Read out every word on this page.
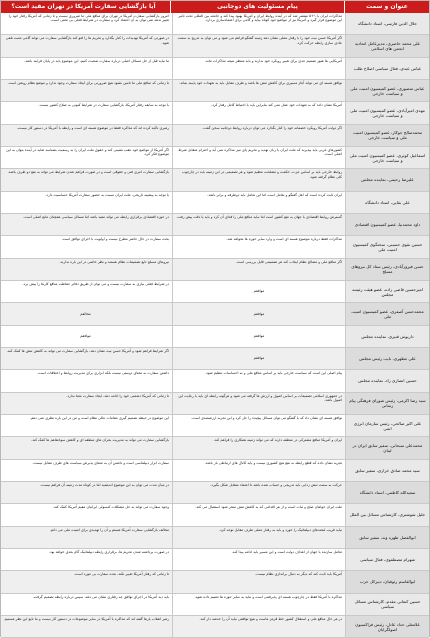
عنوان و سمت
پیام مسئولیت های دوجانبی
آیا بازگشایی سفارت آمریکا در تهران مفید است؟
جلال الدین فارسی، استاد دانشگاه
مذاکرات ایران با ۱+۵ منتشر شد که در آینده روابط ایران و آمریکا بهبود پیدا کند و جامعه بین المللی تحت تاثیر این موضوع قرار گیرد و آمریکا نیز از مواضع خود کوتاه بیاید و گامی برای اعتمادسازی بردارد.
امروز بازگشایی سفارت آمریکا در تهران برای منافع ملی ما ضروری نیست و تا زمانی که آمریکا رفتار خود را تغییر ندهد نمی توان به آن اعتماد کرد و سفارت در شرایط فعلی بی معنی است.
علی محمد حاضری، مدیرعامل اتحادیه انجمن های اسلامی
اگر آمریکا حسن نیت خود را با رفتار عملی نشان دهد زمینه گفتگو فراهم می شود و می توان به تدریج به سمت عادی سازی رابطه حرکت کرد.
در صورتی که آمریکا تهدیدات را کنار بگذارد و تحریم ها را لغو کند بازگشایی سفارت می تواند گامی مثبت تلقی شود.
عباس عبدی، فعال سیاسی اصلاح طلب
آمریکایی ها هنوز تصمیم جدی برای تغییر رویکرد خود ندارند و باید منتظر نتیجه مذاکرات ماند.
ما نباید قبل از حل مسائل اصلی درباره سفارت صحبت کنیم، این موضوع باید در پایان فرایند باشد.
عباس منصوری، عضو کمیسیون امنیت ملی و سیاست خارجی
توافق هسته ای می تواند آغاز مسیری برای کاهش تنش ها باشد و طرف مقابل باید به تعهدات خود پایبند بماند.
تا زمانی که منافع ملی ما تامین نشود هیچ ضرورتی برای ایجاد سفارت وجود ندارد و موضع نظام روشن است.
مهدی امیرآبادی، عضو کمیسیون امنیت ملی و سیاست خارجی
آمریکا نشان داده که به تعهدات خود عمل نمی کند بنابراین باید با احتیاط کامل رفتار کرد.
با توجه به سابقه رفتار آمریکا، بازگشایی سفارت در شرایط کنونی به صلاح کشور نیست.
محمدصالح جوکار، عضو کمیسیون امنیت ملی و سیاست خارجی
اگر دولت آمریکا رویکرد خصمانه خود را کنار بگذارد می توان درباره روابط دوجانبه سخن گفت.
رهبری تاکید کرده اند که مذاکره فقط در موضوع هسته ای است و رابطه با آمریکا در دستور کار نیست.
اسماعیل کوثری، عضو کمیسیون امنیت ملی و سیاست خارجی
کشورهای غربی باید بپذیرند که ملت ایران با زبان تهدید و تحریم پای میز مذاکره نمی آید و احترام متقابل شرط اصلی است.
اگر آمریکا از مواضع خود عقب نشینی کند و حقوق ملت ایران را به رسمیت بشناسد شاید در آینده بتوان به این موضوع فکر کرد.
علیرضا رحیمی، نماینده مجلس
روابط خارجی باید بر اساس عزت، حکمت و مصلحت تنظیم شود و هر تصمیمی در این زمینه باید در چارچوب کلی نظام گرفته شود.
بازگشایی سفارت امری فنی و حقوقی است و در صورت فراهم شدن شرایط می تواند به نفع دو طرف باشد.
علی بقایی، استاد دانشگاه
ایران ثابت کرده است که اهل گفتگو و تعامل است اما این تعامل باید دوطرفه و برابر باشد.
با توجه به پیشینه تاریخی، ملت ایران نسبت به حضور سفارت آمریکا حساسیت دارد.
داود محمدنیا، عضو کمیسیون اقتصادی
گسترش روابط اقتصادی با جهان به نفع کشور است اما نباید منافع ملی را فدای آن کرد و باید با دقت پیش رفت.
در حوزه اقتصادی برقراری رابطه می تواند مفید باشد اما مسائل سیاسی همچنان مانع اصلی است.
حسین نقوی حسینی، سخنگوی کمیسیون امنیت ملی
مذاکرات فقط درباره موضوع هسته ای است و وارد سایر حوزه ها نخواهد شد.
بحث سفارت در حال حاضر مطرح نیست و اولویت با اجرای توافق است.
حسن فیروزآبادی، رئیس ستاد کل نیروهای مسلح
اگر منافع ملی و مصالح نظام ایجاب کند هر تصمیمی قابل بررسی است.
نیروهای مسلح تابع تصمیمات نظام هستند و نظر خاصی در این باره ندارند.
امیرحسین قاضی زاده، عضو هیئت رئیسه مجلس
موافقم
در شرایط فعلی نیازی به سفارت نیست و می توان از طریق دفاتر حفاظت منافع کارها را پیش برد.
محمدحسن آصفری، عضو کمیسیون امنیت ملی
موافقم
مخالفم
داریوش قنبری، نماینده مجلس
موافقم
موافقم
علی مطهری، نایب رئیس مجلس
موافقم
اگر شرایط فراهم شود و آمریکا حسن نیت نشان دهد، بازگشایی سفارت می تواند به کاهش تنش ها کمک کند.
حسین انصاری راد، نماینده مجلس
پیام اصلی این است که سیاست خارجی باید بر اساس منافع ملی و نه احساسات تنظیم شود.
داشتن سفارت به معنای دوستی نیست بلکه ابزاری برای مدیریت روابط و اختلافات است.
سید رضا اکرمی، رئیس شورای فرهنگی پیام رسانی
در جمهوری اسلامی تصمیمات بر اساس اصول و ارزش ها گرفته می شود و هرگونه رابطه ای باید با رعایت این اصول باشد.
تا زمانی که آمریکا دشمنی خود را ادامه دهد، ایجاد سفارت معنا ندارد.
علی اکبر صالحی، رئیس سازمان انرژی اتمی
توافق هسته ای نشان داد که با گفتگو می توان مسائل پیچیده را حل کرد و این تجربه ارزشمندی است.
این موضوع در حیطه تصمیم گیری مقامات عالی نظام است و من در این باره نظری نمی دهم.
محمدعلی سبحانی، سفیر سابق ایران در لبنان
ایران و آمریکا منافع مشترکی در منطقه دارند که می تواند زمینه همکاری را فراهم کند.
بازگشایی سفارت می تواند به مدیریت بحران های منطقه ای و کاهش سوءتفاهم ها کمک کند.
سید محمد صادق خرازی، سفیر سابق
تجربه نشان داده که قطع رابطه به نفع هیچ کشوری نیست و باید کانال های ارتباطی باز باشد.
سفارت ابزار دیپلماسی است و داشتن آن به معنای پذیرش سیاست های طرف مقابل نیست.
سعیدالله کاظمی، استاد دانشگاه
حرکت به سمت تنش زدایی باید تدریجی و حساب شده باشد تا اعتماد متقابل شکل بگیرد.
در میان مدت می توان به این موضوع اندیشید اما در کوتاه مدت زمینه آن فراهم نیست.
جلیل شوشتری، کارشناس مسائل بین الملل
ملت ایران خواهان صلح و ثبات است و از هر اقدامی که به کاهش تنش منجر شود استقبال می کند.
وجود سفارت می تواند به حل مشکلات کنسولی ایرانیان مقیم آمریکا کمک کند.
ابوالفضل ظهره وند، سفیر سابق
نباید فریب لبخندهای دیپلماتیک را خورد و باید به رفتار عملی طرف مقابل توجه کرد.
مخالف بازگشایی سفارت آمریکا هستم و آن را تهدیدی برای امنیت ملی می دانم.
شهرام مصطفوی، فعال سیاسی
تعامل سازنده با جهان از اهداف دولت است و این مسیر باید ادامه پیدا کند.
در صورت برداشته شدن تحریم ها، برقراری رابطه دیپلماتیک گام بعدی خواهد بود.
ابوالقاسم رئوفیان، دبیرکل حزب
آمریکا باید ثابت کند که دیگر به دنبال براندازی نظام نیست.
تا زمانی که رفتار آمریکا تغییر نکند، بحث سفارت بی مورد است.
حسین کنعانی مقدم، کارشناس مسائل سیاسی
مذاکره با آمریکا فقط در چارچوب هسته ای پذیرفتنی است و نباید به سایر حوزه ها تعمیم داده شود.
باید دید آمریکا در اجرای توافق چه رفتاری نشان می دهد، سپس درباره رابطه تصمیم گرفت.
غلامعلی حداد عادل، رئیس فراکسیون اصولگرایان
در هر حال منافع ملی و استقلال کشور خط قرمز ماست و هیچ توافقی نباید آن را خدشه دار کند.
رهبر انقلاب بارها گفته اند که مذاکره با آمریکا در سایر موضوعات در دستور کار نیست و ما تابع این نظر هستیم.
